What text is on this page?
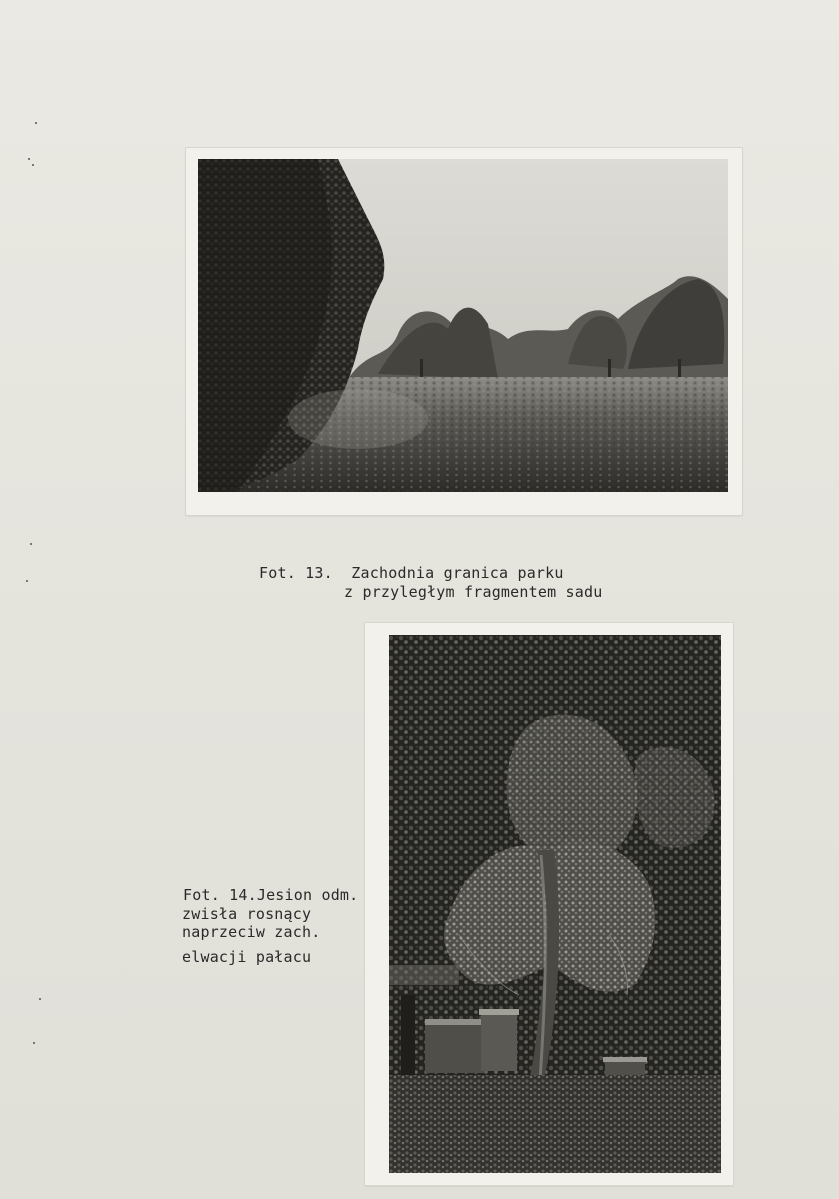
Fot. 13.  Zachodnia granica parku
z przyległym fragmentem sadu
Fot. 14.Jesion odm.
zwisła rosnący
naprzeciw zach.
elwacji pałacu
